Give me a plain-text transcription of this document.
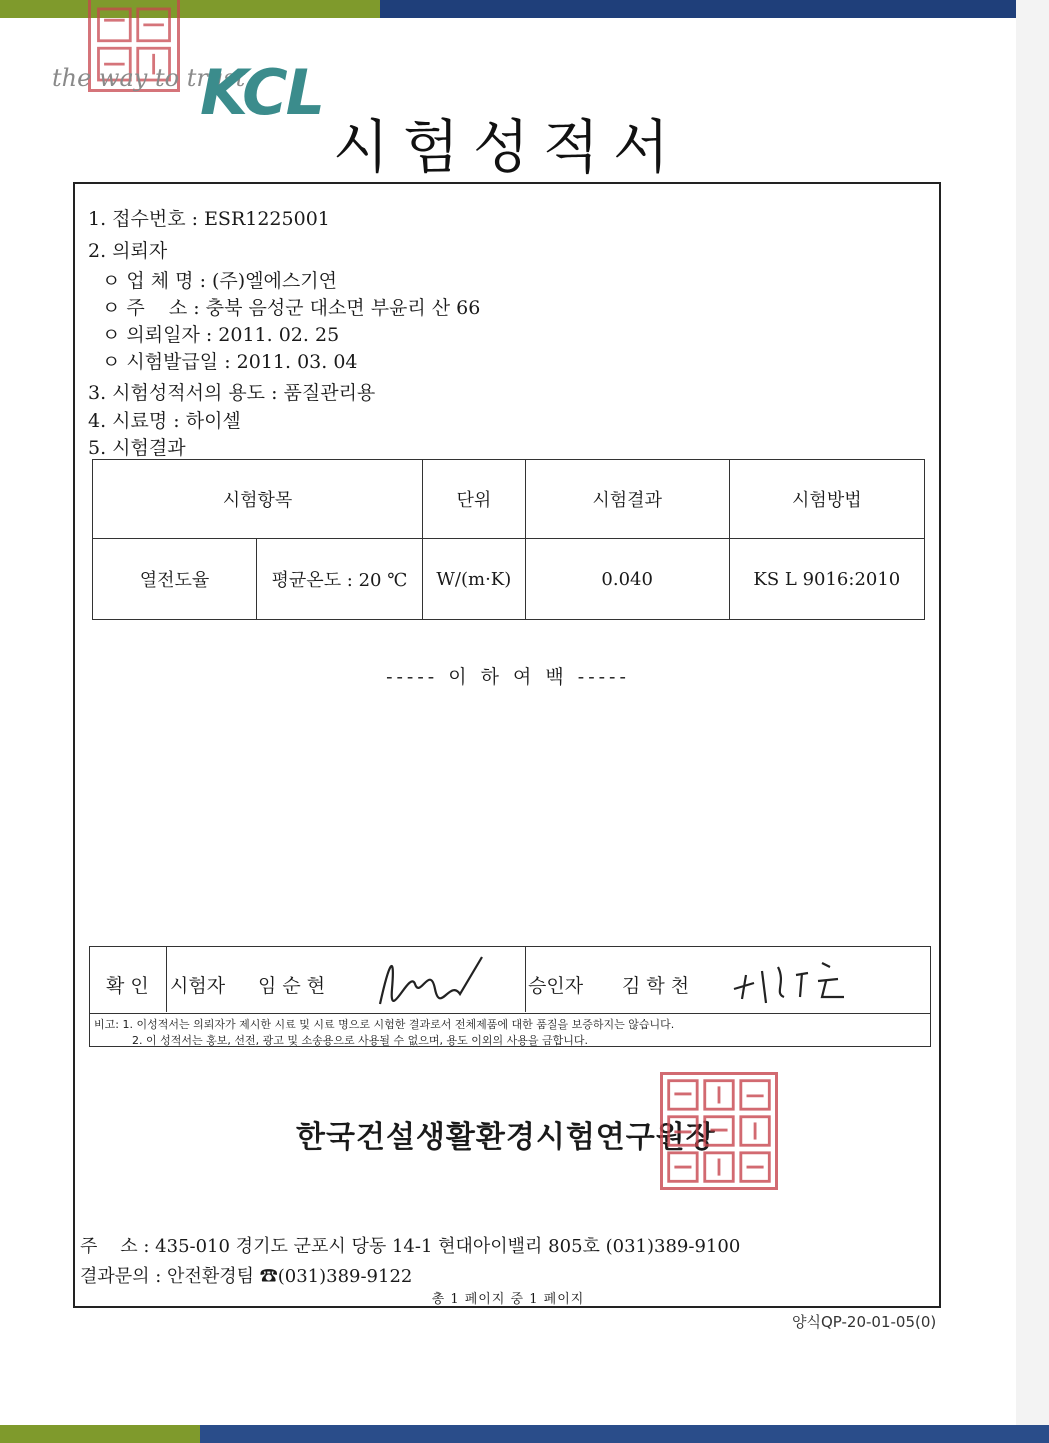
the way to trust
KCL
시험성적서
1. 접수번호 : ESR1225001
2. 의뢰자
ㅇ 업 체 명 : (주)엘에스기연
ㅇ 주    소 : 충북 음성군 대소면 부윤리 산 66
ㅇ 의뢰일자 : 2011. 02. 25
ㅇ 시험발급일 : 2011. 03. 04
3. 시험성적서의 용도 : 품질관리용
4. 시료명 : 하이셀
5. 시험결과
시험항목		단위	시험결과	시험방법
열전도율	평균온도 : 20 ℃	W/(m·K)	0.040	KS L 9016:2010
----- 이 하 여 백 -----
확 인 시험자 임 순 현	승인자 김 학 천
비고: 1. 이성적서는 의뢰자가 제시한 시료 및 시료 명으로 시험한 결과로서 전체제품에 대한 품질을 보증하지는 않습니다.
2. 이 성적서는 홍보, 선전, 광고 및 소송용으로 사용될 수 없으며, 용도 이외의 사용을 금합니다.
한국건설생활환경시험연구원장
주    소 : 435-010 경기도 군포시 당동 14-1 현대아이밸리 805호 (031)389-9100
결과문의 : 안전환경팀 ☎(031)389-9122
총 1 페이지 중 1 페이지
양식QP-20-01-05(0)
